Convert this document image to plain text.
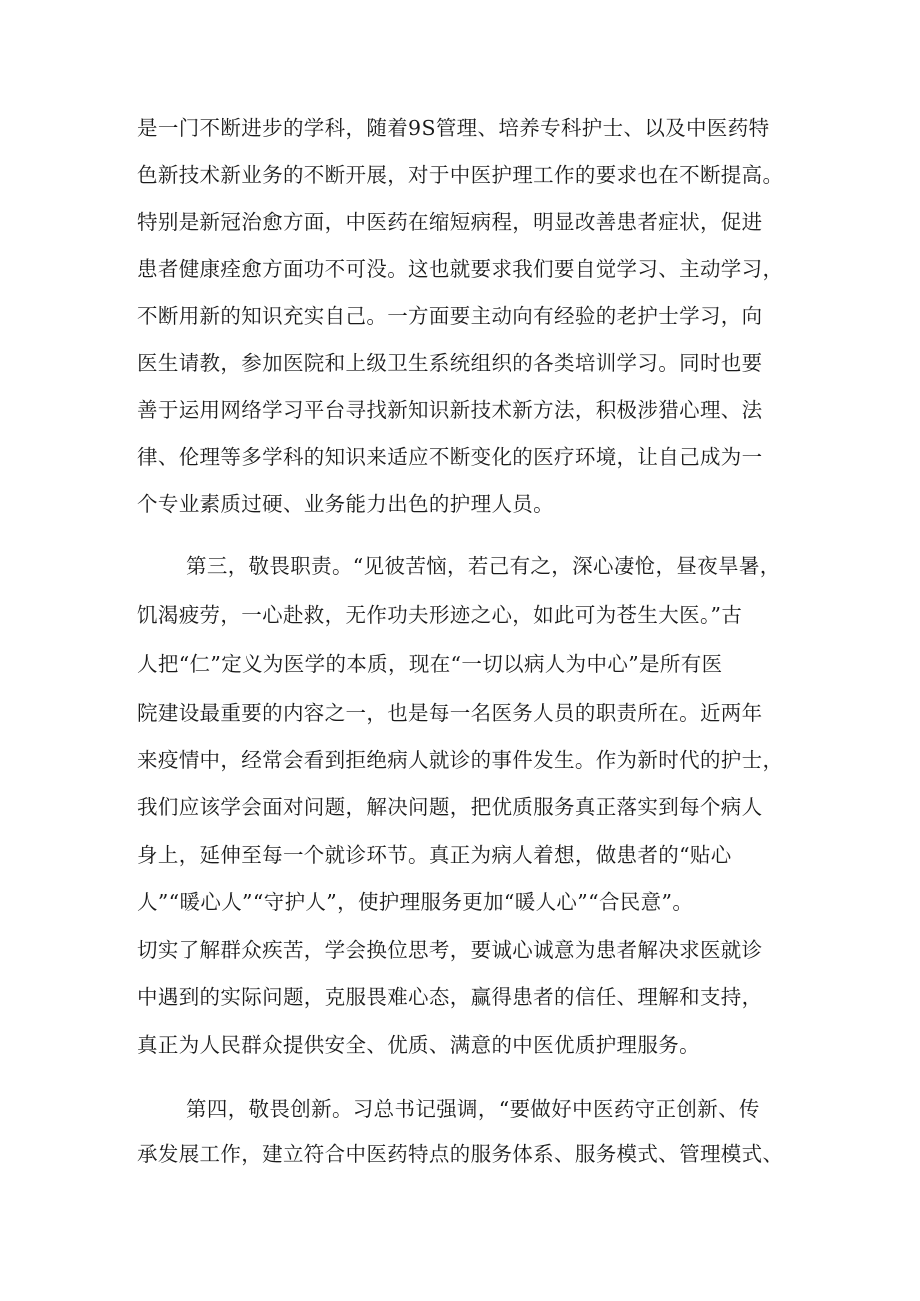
是一门不断进步的学科，随着9S管理、培养专科护士、以及中医药特
色新技术新业务的不断开展，对于中医护理工作的要求也在不断提高。
特别是新冠治愈方面，中医药在缩短病程，明显改善患者症状，促进
患者健康痊愈方面功不可没。这也就要求我们要自觉学习、主动学习，
不断用新的知识充实自己。一方面要主动向有经验的老护士学习，向
医生请教，参加医院和上级卫生系统组织的各类培训学习。同时也要
善于运用网络学习平台寻找新知识新技术新方法，积极涉猎心理、法
律、伦理等多学科的知识来适应不断变化的医疗环境，让自己成为一
个专业素质过硬、业务能力出色的护理人员。
第三，敬畏职责。“见彼苦恼，若己有之，深心凄怆，昼夜旱暑，
饥渴疲劳，一心赴救，无作功夫形迹之心，如此可为苍生大医。”古
人把“仁”定义为医学的本质，现在“一切以病人为中心”是所有医
院建设最重要的内容之一，也是每一名医务人员的职责所在。近两年
来疫情中，经常会看到拒绝病人就诊的事件发生。作为新时代的护士，
我们应该学会面对问题，解决问题，把优质服务真正落实到每个病人
身上，延伸至每一个就诊环节。真正为病人着想，做患者的“贴心
人”“暖心人”“守护人”，使护理服务更加“暖人心”“合民意”。
切实了解群众疾苦，学会换位思考，要诚心诚意为患者解决求医就诊
中遇到的实际问题，克服畏难心态，赢得患者的信任、理解和支持，
真正为人民群众提供安全、优质、满意的中医优质护理服务。
第四，敬畏创新。习总书记强调，“要做好中医药守正创新、传
承发展工作，建立符合中医药特点的服务体系、服务模式、管理模式、
